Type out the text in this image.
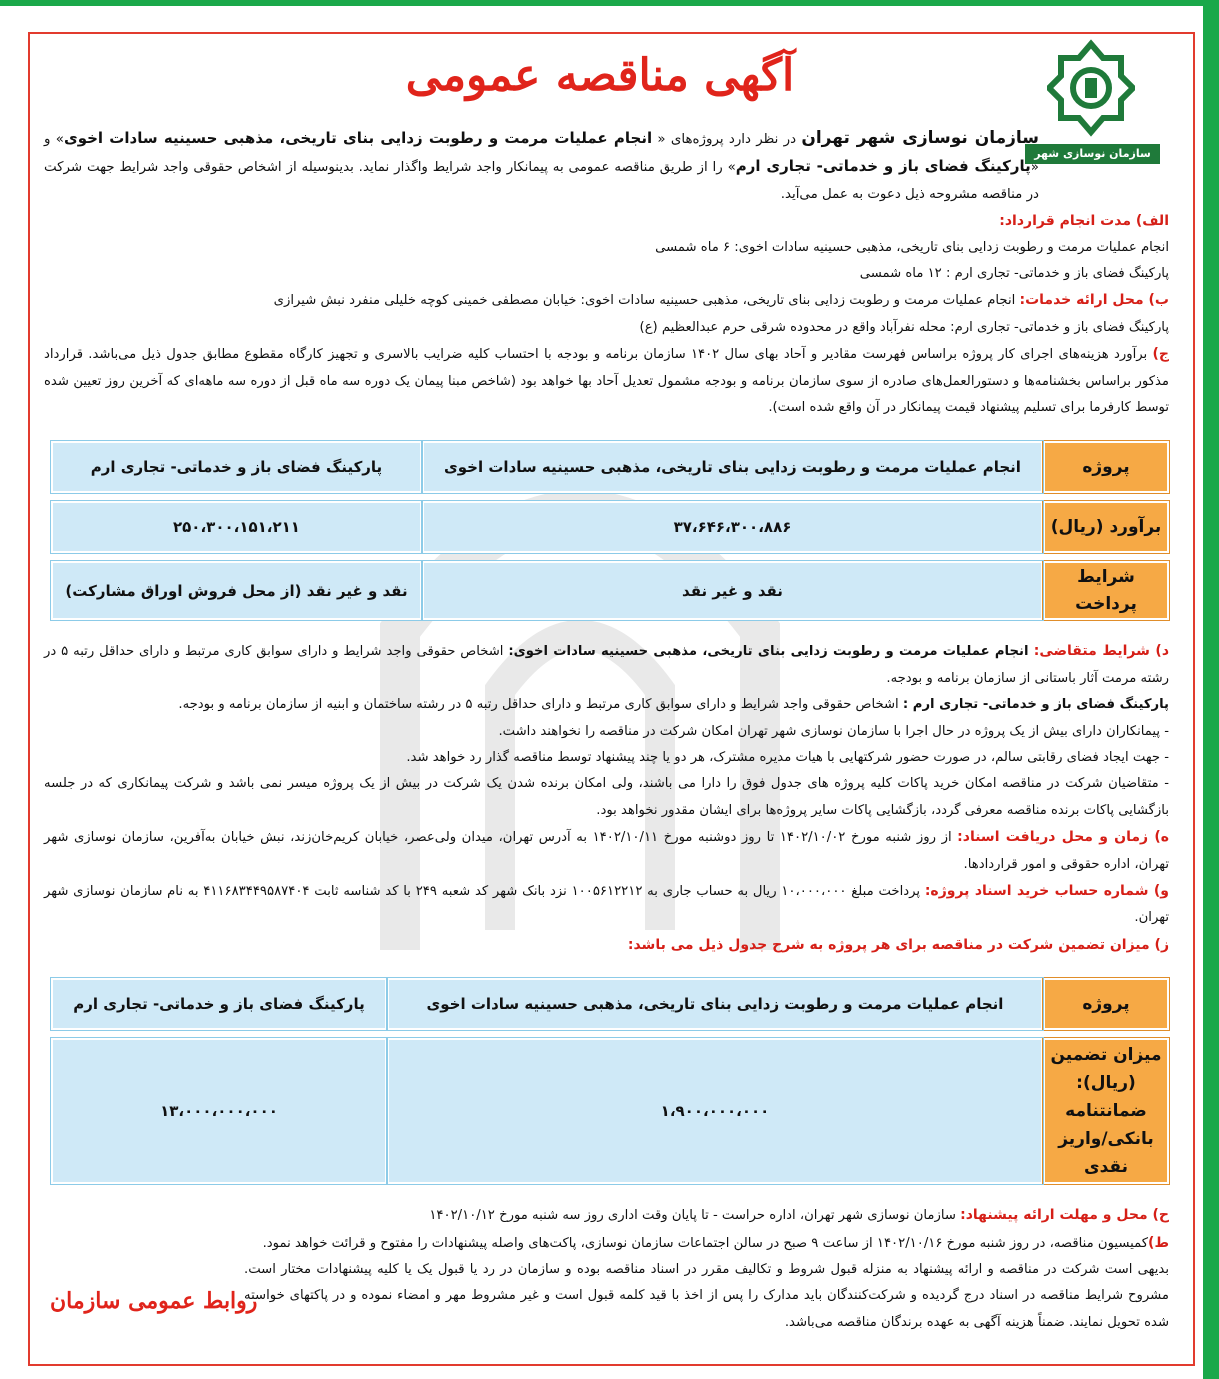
آگهی مناقصه عمومی
سازمان نوسازی شهر تهران

سازمان نوسازی شهر تهران در نظر دارد پروژه‌های « انجام عملیات مرمت و رطوبت زدایی بنای تاریخی، مذهبی حسینیه سادات اخوی» و «پارکینگ فضای باز و خدماتی- تجاری ارم» را از طریق مناقصه عمومی به پیمانکار واجد شرایط واگذار نماید. بدینوسیله از اشخاص حقوقی واجد شرایط جهت شرکت در مناقصه مشروحه ذیل دعوت به عمل می‌آید.

الف) مدت انجام قرارداد:

انجام عملیات مرمت و رطوبت زدایی بنای تاریخی، مذهبی حسینیه سادات اخوی: ۶ ماه شمسی

پارکینگ فضای باز و خدماتی- تجاری ارم : ۱۲ ماه شمسی

ب) محل ارائه خدمات: انجام عملیات مرمت و رطوبت زدایی بنای تاریخی، مذهبی حسینیه سادات اخوی: خیابان مصطفی خمینی کوچه خلیلی منفرد نبش شیرازی

پارکینگ فضای باز و خدماتی- تجاری ارم: محله نفرآباد واقع در محدوده شرقی حرم عبدالعظیم (ع)

ج) برآورد هزینه‌های اجرای کار پروژه براساس فهرست مقادیر و آحاد بهای سال ۱۴۰۲ سازمان برنامه و بودجه با احتساب کلیه ضرایب بالاسری و تجهیز کارگاه مقطوع مطابق جدول ذیل می‌باشد. قرارداد مذکور براساس بخشنامه‌ها و دستورالعمل‌های صادره از سوی سازمان برنامه و بودجه مشمول تعدیل آحاد بها خواهد بود (شاخص مبنا پیمان یک دوره سه ماه قبل از دوره سه ماهه‌ای که آخرین روز تعیین شده توسط کارفرما برای تسلیم پیشنهاد قیمت پیمانکار در آن واقع شده است).

پروژه	انجام عملیات مرمت و رطوبت زدایی بنای تاریخی، مذهبی حسینیه سادات اخوی	پارکینگ فضای باز و خدماتی- تجاری ارم
برآورد (ریال)	۳۷،۶۴۶،۳۰۰،۸۸۶	۲۵۰،۳۰۰،۱۵۱،۲۱۱
شرایط پرداخت	نقد و غیر نقد	نقد و غیر نقد (از محل فروش اوراق مشارکت)

د) شرایط متقاضی: انجام عملیات مرمت و رطوبت زدایی بنای تاریخی، مذهبی حسینیه سادات اخوی: اشخاص حقوقی واجد شرایط و دارای سوابق کاری مرتبط و دارای حداقل رتبه ۵ در رشته مرمت آثار باستانی از سازمان برنامه و بودجه.

پارکینگ فضای باز و خدماتی- تجاری ارم : اشخاص حقوقی واجد شرایط و دارای سوابق کاری مرتبط و دارای حداقل رتبه ۵ در رشته ساختمان و ابنیه از سازمان برنامه و بودجه.

- پیمانکاران دارای بیش از یک پروژه در حال اجرا با سازمان نوسازی شهر تهران امکان شرکت در مناقصه را نخواهند داشت.

- جهت ایجاد فضای رقابتی سالم، در صورت حضور شرکتهایی با هیات مدیره مشترک، هر دو یا چند پیشنهاد توسط مناقصه گذار رد خواهد شد.

- متقاضیان شرکت در مناقصه امکان خرید پاکات کلیه پروژه های جدول فوق را دارا می باشند، ولی امکان برنده شدن یک شرکت در بیش از یک پروژه میسر نمی باشد و شرکت پیمانکاری که در جلسه بازگشایی پاکات برنده مناقصه معرفی گردد، بازگشایی پاکات سایر پروژه‌ها برای ایشان مقدور نخواهد بود.

ه) زمان و محل دریافت اسناد: از روز شنبه مورخ ۱۴۰۲/۱۰/۰۲ تا روز دوشنبه مورخ ۱۴۰۲/۱۰/۱۱ به آدرس تهران، میدان ولی‌عصر، خیابان کریم‌خان‌زند، نبش خیابان به‌آفرین، سازمان نوسازی شهر تهران، اداره حقوقی و امور قراردادها.

و) شماره حساب خرید اسناد پروژه: پرداخت مبلغ ۱۰،۰۰۰،۰۰۰ ریال به حساب جاری به ۱۰۰۵۶۱۲۲۱۲ نزد بانک شهر کد شعبه ۲۴۹ با کد شناسه ثابت ۴۱۱۶۸۳۴۴۹۵۸۷۴۰۴ به نام سازمان نوسازی شهر تهران.

ز) میزان تضمین شرکت در مناقصه برای هر پروژه به شرح جدول ذیل می باشد:

پروژه	انجام عملیات مرمت و رطوبت زدایی بنای تاریخی، مذهبی حسینیه سادات اخوی	پارکینگ فضای باز و خدماتی- تجاری ارم
میزان تضمین (ریال): ضمانتنامه بانکی/واریز نقدی	۱،۹۰۰،۰۰۰،۰۰۰	۱۳،۰۰۰،۰۰۰،۰۰۰

ح) محل و مهلت ارائه پیشنهاد: سازمان نوسازی شهر تهران، اداره حراست - تا پایان وقت اداری روز سه شنبه مورخ ۱۴۰۲/۱۰/۱۲

ط)کمیسیون مناقصه، در روز شنبه مورخ ۱۴۰۲/۱۰/۱۶ از ساعت ۹ صبح در سالن اجتماعات سازمان نوسازی، پاکت‌های واصله پیشنهادات را مفتوح و قرائت خواهد نمود.

بدیهی است شرکت در مناقصه و ارائه پیشنهاد به منزله قبول شروط و تکالیف مقرر در اسناد مناقصه بوده و سازمان در رد یا قبول یک یا کلیه پیشنهادات مختار است. مشروح شرایط مناقصه در اسناد درج گردیده و شرکت‌کنندگان باید مدارک را پس از اخذ با قید کلمه قبول است و غیر مشروط مهر و امضاء نموده و در پاکتهای خواسته شده تحویل نمایند. ضمناً هزینه آگهی به عهده برندگان مناقصه می‌باشد.

روابط عمومی سازمان
